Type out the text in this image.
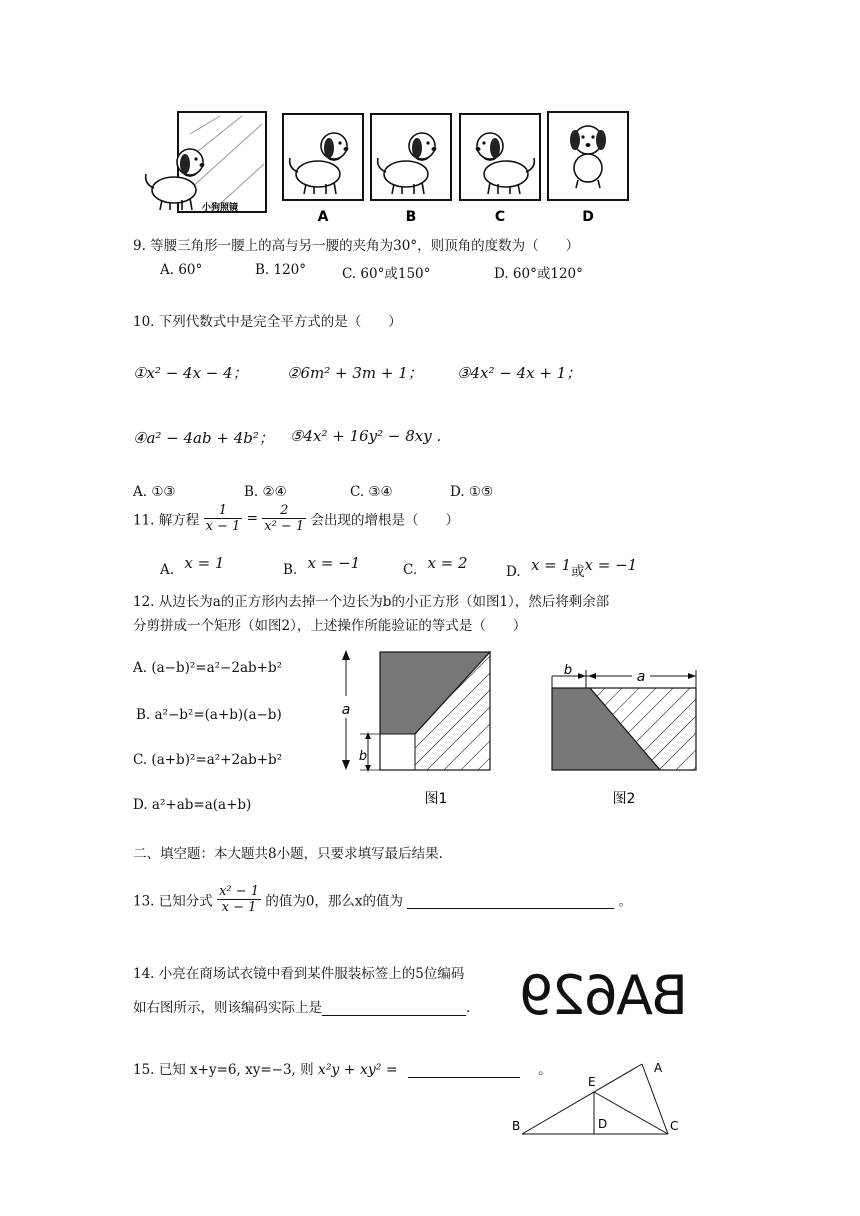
小狗照镜
A	B	C	D
9. 等腰三角形一腰上的高与另一腰的夹角为30°，则顶角的度数为（　　）
A. 60°	B. 120°	C. 60°或150°	D. 60°或120°
10. 下列代数式中是完全平方式的是（　　）
①x² − 4x − 4；	②6m² + 3m + 1； ③4x² − 4x + 1；
④a² − 4ab + 4b²； ⑤4x² + 16y² − 8xy .
A. ①③	B. ②④	C. ③④	D. ①⑤
11. 解方程 $\frac{1}{x - 1} = \frac{2}{\text{x² − 1}}$ 会出现的增根是（　　）
A. x = 1	B. x = −1	C. x = 2	D. x = 1或x = −1
12. 从边长为a的正方形内去掉一个边长为b的小正方形（如图1），然后将剩余部
分剪拼成一个矩形（如图2），上述操作所能验证的等式是（　　）
A. (a−b)²=a²−2ab+b²
B. a²−b²=(a+b)(a−b)
C. (a+b)²=a²+2ab+b²
D. a²+ab=a(a+b)
a
b
图1
b	a
图2
二、填空题：本大题共8小题，只要求填写最后结果.
13. 已知分式 $\frac{\text{x² − 1}}{x - 1}$ 的值为0，那么x的值为	。
14. 小亮在商场试衣镜中看到某件服装标签上的5位编码
如右图所示，则该编码实际上是	. BA629
15. 已知 x+y=6, xy=−3, 则 x²y + xy² =	。
B	C
A
E
D
